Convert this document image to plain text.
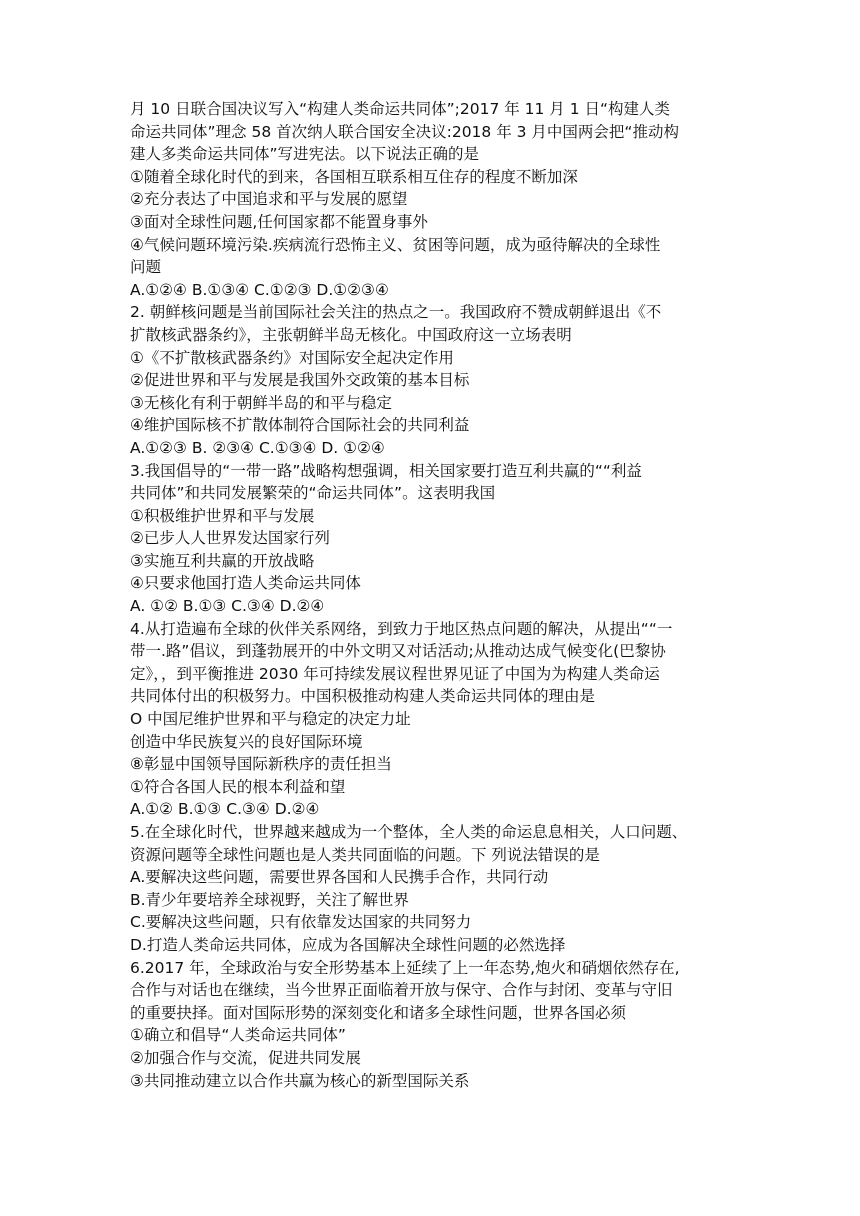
月 10 日联合国决议写入“构建人类命运共同体”;2017 年 11 月 1 日“构建人类
命运共同体”理念 58 首次纳人联合国安全决议:2018 年 3 月中国两会把“推动构
建人多类命运共同体”写进宪法。以下说法正确的是
①随着全球化时代的到来，各国相互联系相互住存的程度不断加深
②充分表达了中国追求和平与发展的愿望
③面对全球性问题,任何国家都不能置身事外
④气候问题环境污染.疾病流行恐怖主义、贫困等问题，成为亟待解决的全球性
问题
A.①②④ B.①③④ C.①②③ D.①②③④
2. 朝鲜核问题是当前国际社会关注的热点之一。我国政府不赞成朝鲜退出《不
扩散核武器条约》，主张朝鲜半岛无核化。中国政府这一立场表明
①《不扩散核武器条约》对国际安全起决定作用
②促进世界和平与发展是我国外交政策的基本目标
③无核化有利于朝鲜半岛的和平与稳定
④维护国际核不扩散体制符合国际社会的共同利益
A.①②③ B. ②③④ C.①③④ D. ①②④
3.我国倡导的“一带一路”战略构想强调，相关国家要打造互利共赢的““利益
共同体”和共同发展繁荣的“命运共同体”。这表明我国
①积极维护世界和平与发展
②已步人人世界发达国家行列
③实施互利共赢的开放战略
④只要求他国打造人类命运共同体
A. ①② B.①③ C.③④ D.②④
4.从打造遍布全球的伙伴关系网络，到致力于地区热点问题的解决，从提出““一
带一.路”倡议，到蓬勃展开的中外文明又对话活动;从推动达成气候变化(巴黎协
定》，，到平衡推进 2030 年可持续发展议程世界见证了中国为为构建人类命运
共同体付出的积极努力。中国积极推动构建人类命运共同体的理由是
O 中国尼维护世界和平与稳定的决定力址
创造中华民族复兴的良好国际环境
⑧彰显中国领导国际新秩序的责任担当
①符合各国人民的根本利益和望
A.①② B.①③ C.③④ D.②④
5.在全球化时代，世界越来越成为一个整体，全人类的命运息息相关，人口问题、
资源问题等全球性问题也是人类共同面临的问题。下 列说法错误的是
A.要解决这些问题，需要世界各国和人民携手合作，共同行动
B.青少年要培养全球视野，关注了解世界
C.要解决这些问题，只有依靠发达国家的共同努力
D.打造人类命运共同体，应成为各国解决全球性问题的必然选择
6.2017 年，全球政治与安全形势基本上延续了上一年态势,炮火和硝烟依然存在,
合作与对话也在继续，当今世界正面临着开放与保守、合作与封闭、变革与守旧
的重要抉择。面对国际形势的深刻变化和诸多全球性问题，世界各国必须
①确立和倡导“人类命运共同体”
②加强合作与交流，促进共同发展
③共同推动建立以合作共赢为核心的新型国际关系
